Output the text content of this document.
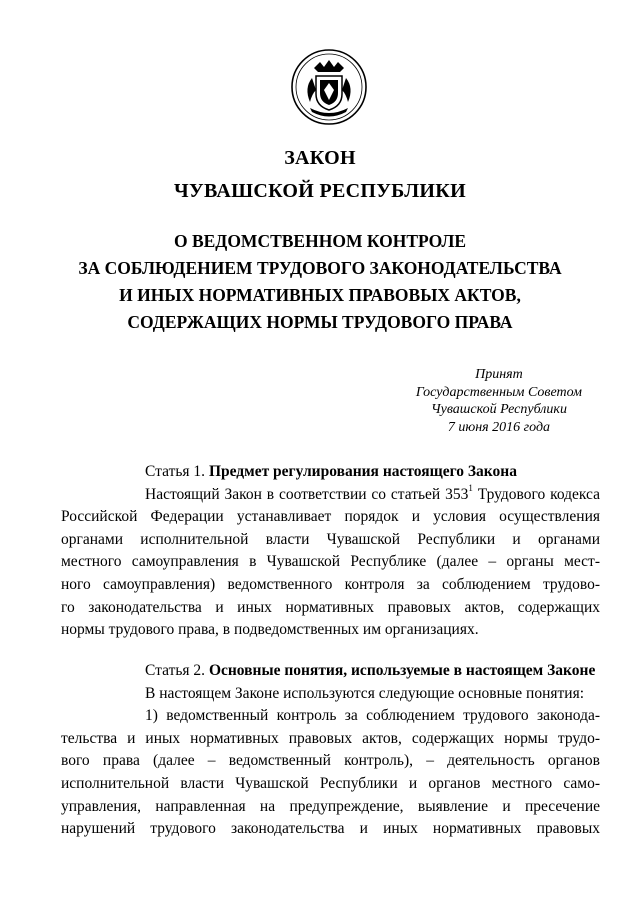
ЗАКОН
ЧУВАШСКОЙ РЕСПУБЛИКИ
О ВЕДОМСТВЕННОМ КОНТРОЛЕ
ЗА СОБЛЮДЕНИЕМ ТРУДОВОГО ЗАКОНОДАТЕЛЬСТВА
И ИНЫХ НОРМАТИВНЫХ ПРАВОВЫХ АКТОВ,
СОДЕРЖАЩИХ НОРМЫ ТРУДОВОГО ПРАВА
Принят
Государственным Советом
Чувашской Республики
7 июня 2016 года
Статья 1. Предмет регулирования настоящего Закона
Настоящий Закон в соответствии со статьей $353^1$ Трудового кодекса
Российской Федерации устанавливает порядок и условия осуществления
органами исполнительной власти Чувашской Республики и органами
местного самоуправления в Чувашской Республике (далее – органы мест-
ного самоуправления) ведомственного контроля за соблюдением трудово-
го законодательства и иных нормативных правовых актов, содержащих
нормы трудового права, в подведомственных им организациях.
Статья 2. Основные понятия, используемые в настоящем Законе
В настоящем Законе используются следующие основные понятия:
1) ведомственный контроль за соблюдением трудового законода-
тельства и иных нормативных правовых актов, содержащих нормы трудо-
вого права (далее – ведомственный контроль), – деятельность органов
исполнительной власти Чувашской Республики и органов местного само-
управления, направленная на предупреждение, выявление и пресечение
нарушений трудового законодательства и иных нормативных правовых
